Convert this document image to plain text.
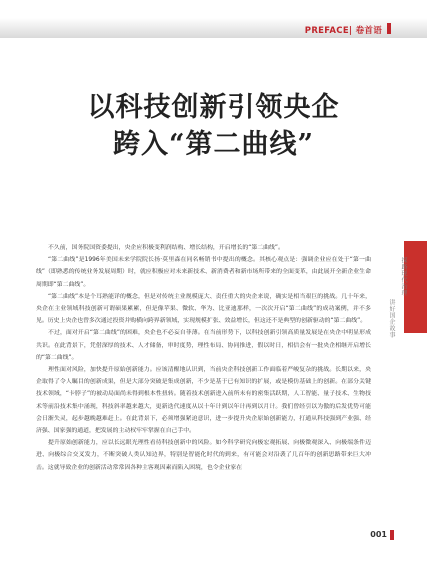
PREFACE| 卷首语
以科技创新引领央企
跨入“第二曲线”
探路现代治理
讲好国企故事

不久前，国务院国资委提出，央企应积极变利润结构、增长结构，开启增长的“第二曲线”。

“第二曲线”是1996年美国未来学院院长扬·莫里森在同名畅销书中提出的概念。其核心观点是：强调企业应在处于“第一曲线”（即熟悉的传统业务发展周期）时，就应积极应对未来新技术、新消费者和新市场所带来的全面变革，由此展开全新企业生命周期即“第二曲线”。

“第二曲线”本是个耳熟能详的概念，但是对传统主业规模庞大、责任重大的央企来说，确实是相当艰巨的挑战。几十年来，央企在主业领域科技创新可谓硕果累累，但是像苹果、微软、华为、比亚迪那样，一次次开启“第二曲线”的成功案例，并不多见。历史上央企也曾多次通过投资并购横向跨界新领域，实现规模扩张、效益增长，但这还不是典型的创新驱动的“第二曲线”。

不过，面对开启“第二曲线”的困难，央企也不必妄自菲薄。在当前形势下，以科技创新引领高质量发展是在央企中明显形成共识。在此背景下，凭借深厚的技术、人才储备，审时度势，理性布局、协同推进，假以时日，相信会有一批央企相继开启增长的“第二曲线”。

理性面对风险，加快提升原始创新能力。应该清醒地认识到，当前央企科技创新工作面临着严峻复杂的挑战。长期以来，央企取得了令人瞩目的创新成果，但是大部分突破是集成创新，不少是基于已有知识的扩展，或是模仿基础上的创新。在部分关键技术领域，“卡脖子”的被动局面尚未得到根本性扭转。随着技术创新进入前所未有的密集活跃期，人工智能、量子技术、生物技术等前沿技术集中涌现，科技斜率越来越大，更新迭代速度从以十年计到以年计再到以月计。我们曾经引以为傲的后发优势可能会日渐失灵，起步越晚越难赶上。在此背景下，必须增强紧迫意识，进一步提升央企原始创新能力，打通从科技强到产业强、经济强、国家强的通道，把发展的主动权牢牢掌握在自己手中。

提升原始创新能力，应以长远眼光理性看待科技创新中的风险。如今科学研究向极宏观拓展、向极微观深入、向极端条件迈进、向极综合交叉发力，不断突破人类认知边界，特别是智能化时代的到来，有可能会对沿袭了几百年的创新思路带来巨大冲击。这就导致企业的创新活动常常因各种主客观因素而陷入困境，也令企业家在

001
